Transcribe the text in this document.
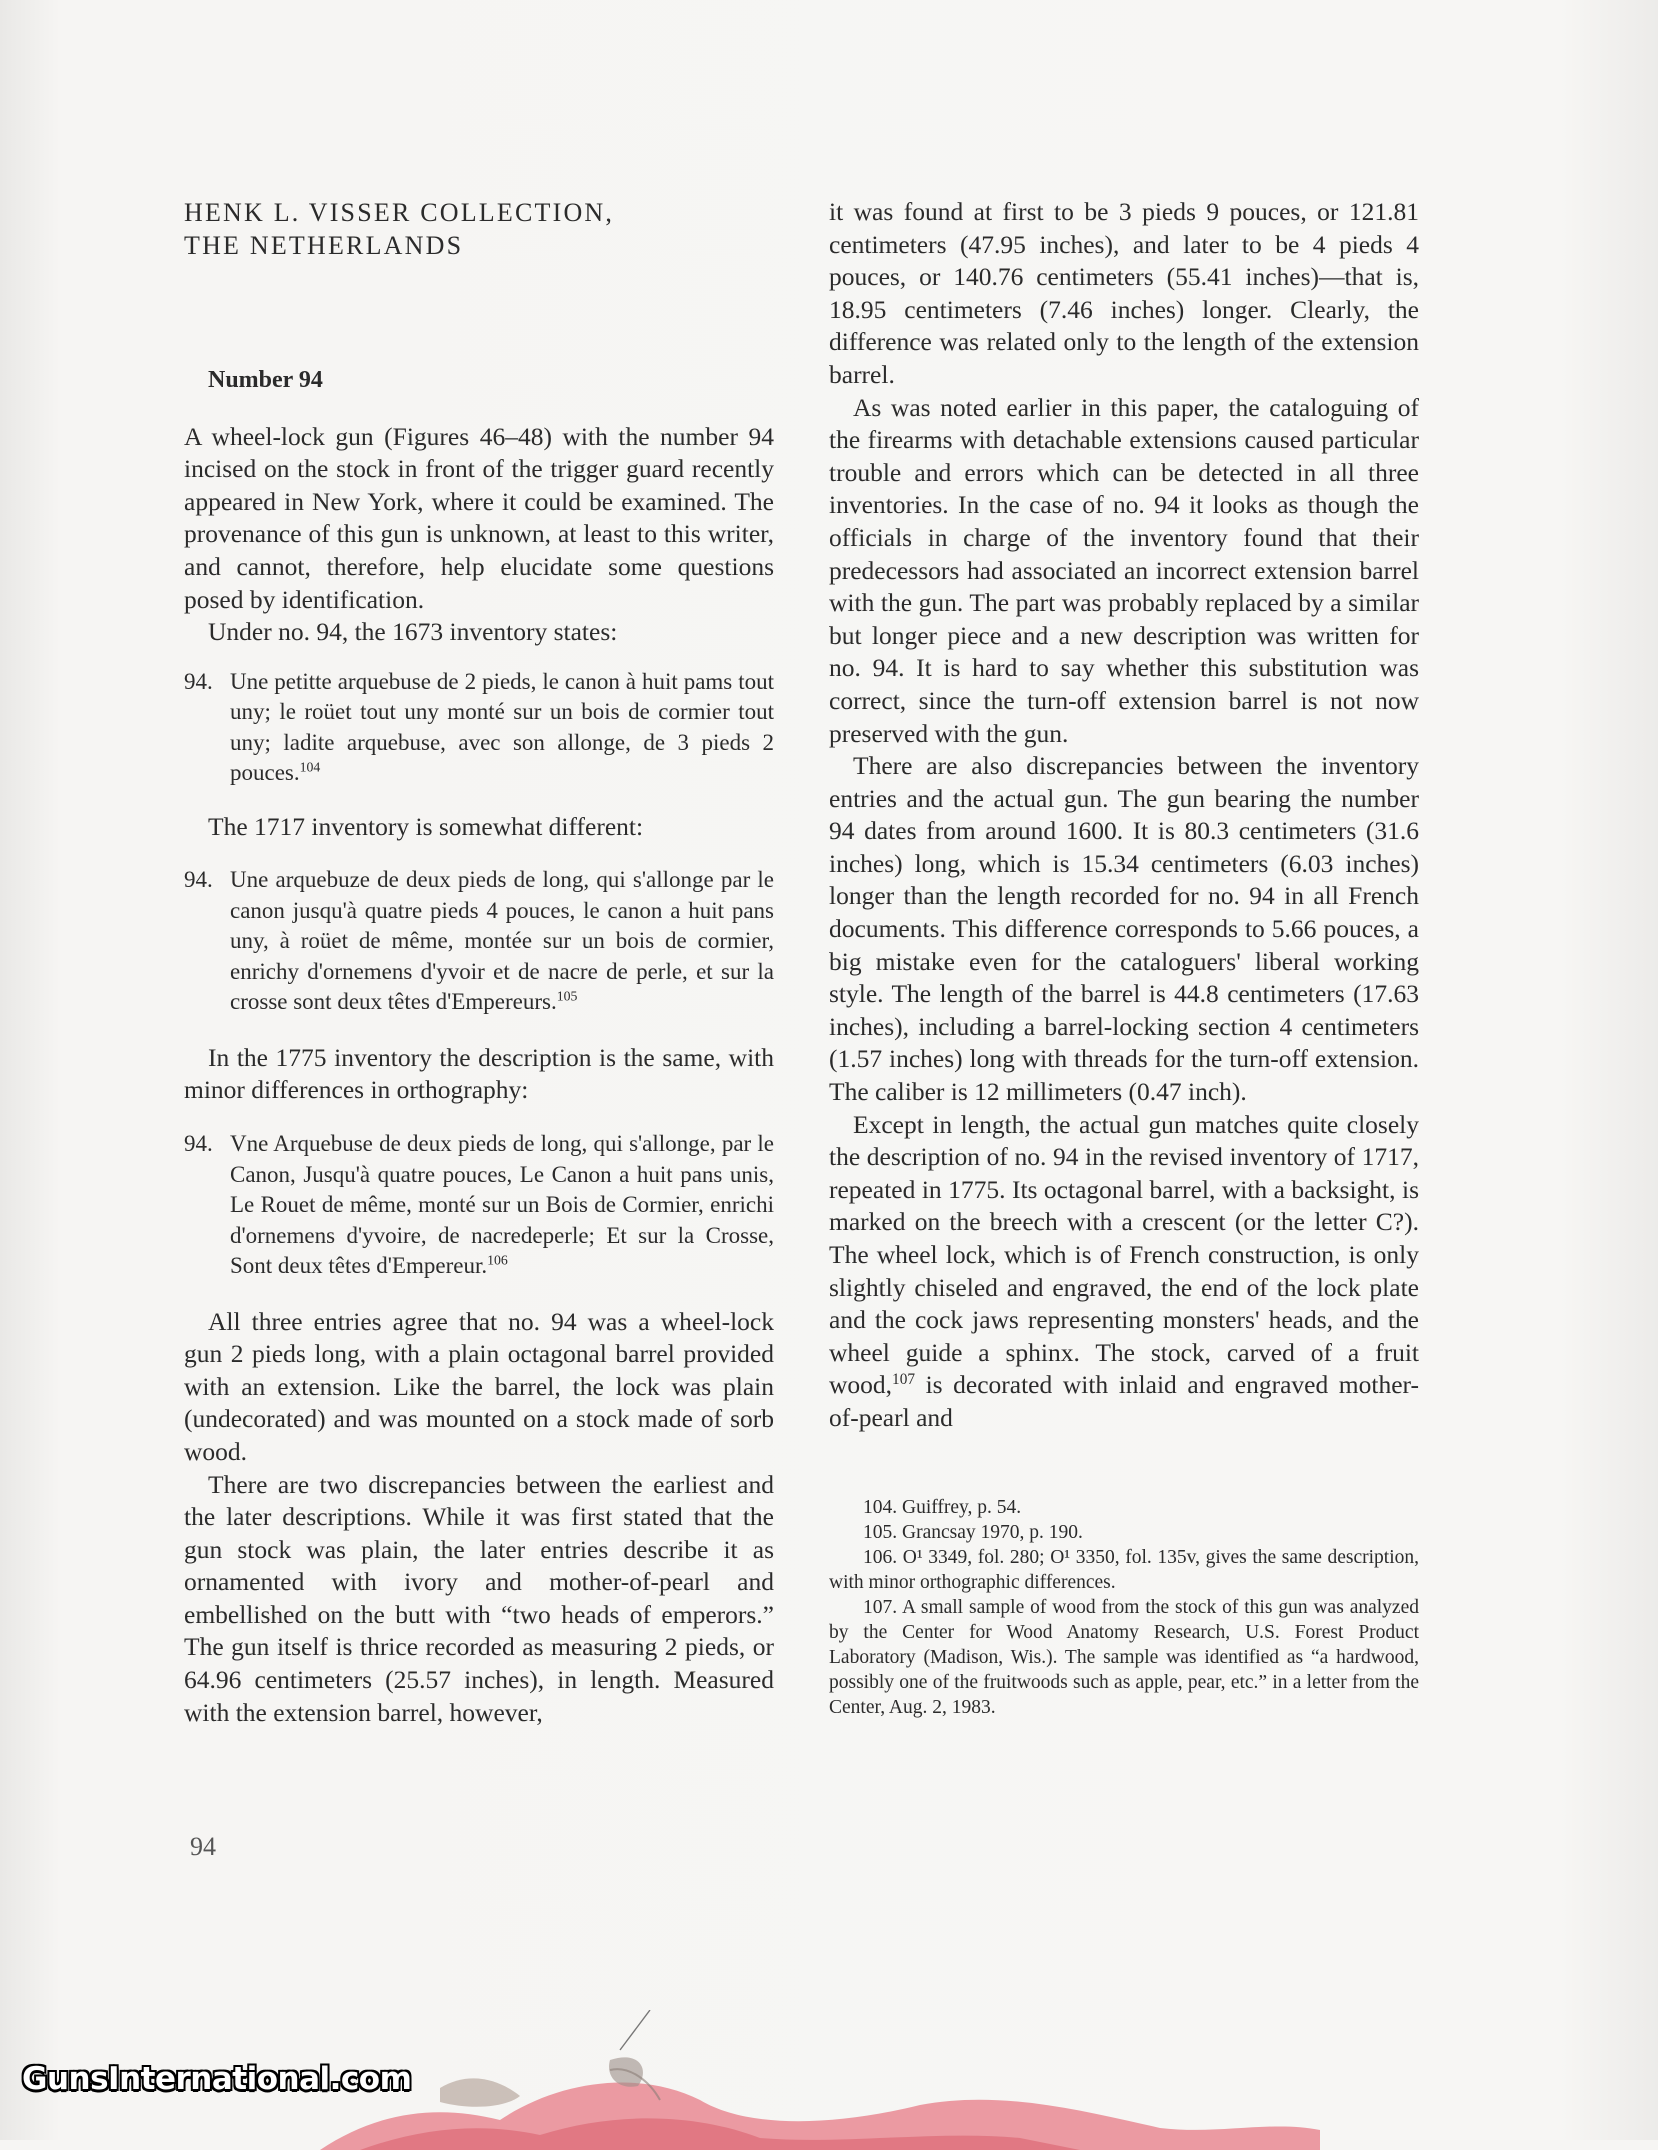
HENK L. VISSER COLLECTION,
THE NETHERLANDS

Number 94

A wheel-lock gun (Figures 46–48) with the number 94 incised on the stock in front of the trigger guard recently appeared in New York, where it could be examined. The provenance of this gun is unknown, at least to this writer, and cannot, therefore, help elucidate some questions posed by identification.

Under no. 94, the 1673 inventory states:

94. Une petitte arquebuse de 2 pieds, le canon à huit pams tout uny; le roüet tout uny monté sur un bois de cormier tout uny; ladite arquebuse, avec son allonge, de 3 pieds 2 pouces.$^{104}$

The 1717 inventory is somewhat different:

94. Une arquebuze de deux pieds de long, qui s'allonge par le canon jusqu'à quatre pieds 4 pouces, le canon a huit pans uny, à roüet de même, montée sur un bois de cormier, enrichy d'ornemens d'yvoir et de nacre de perle, et sur la crosse sont deux têtes d'Empereurs.$^{105}$

In the 1775 inventory the description is the same, with minor differences in orthography:

94. Vne Arquebuse de deux pieds de long, qui s'allonge, par le Canon, Jusqu'à quatre pouces, Le Canon a huit pans unis, Le Rouet de même, monté sur un Bois de Cormier, enrichi d'ornemens d'yvoire, de nacredeperle; Et sur la Crosse, Sont deux têtes d'Empereur.$^{106}$

All three entries agree that no. 94 was a wheel-lock gun 2 pieds long, with a plain octagonal barrel provided with an extension. Like the barrel, the lock was plain (undecorated) and was mounted on a stock made of sorb wood.

There are two discrepancies between the earliest and the later descriptions. While it was first stated that the gun stock was plain, the later entries describe it as ornamented with ivory and mother-of-pearl and embellished on the butt with “two heads of emperors.” The gun itself is thrice recorded as measuring 2 pieds, or 64.96 centimeters (25.57 inches), in length. Measured with the extension barrel, however,

it was found at first to be 3 pieds 9 pouces, or 121.81 centimeters (47.95 inches), and later to be 4 pieds 4 pouces, or 140.76 centimeters (55.41 inches)—that is, 18.95 centimeters (7.46 inches) longer. Clearly, the difference was related only to the length of the extension barrel.

As was noted earlier in this paper, the cataloguing of the firearms with detachable extensions caused particular trouble and errors which can be detected in all three inventories. In the case of no. 94 it looks as though the officials in charge of the inventory found that their predecessors had associated an incorrect extension barrel with the gun. The part was probably replaced by a similar but longer piece and a new description was written for no. 94. It is hard to say whether this substitution was correct, since the turn-off extension barrel is not now preserved with the gun.

There are also discrepancies between the inventory entries and the actual gun. The gun bearing the number 94 dates from around 1600. It is 80.3 centimeters (31.6 inches) long, which is 15.34 centimeters (6.03 inches) longer than the length recorded for no. 94 in all French documents. This difference corresponds to 5.66 pouces, a big mistake even for the cataloguers' liberal working style. The length of the barrel is 44.8 centimeters (17.63 inches), including a barrel-locking section 4 centimeters (1.57 inches) long with threads for the turn-off extension. The caliber is 12 millimeters (0.47 inch).

Except in length, the actual gun matches quite closely the description of no. 94 in the revised inventory of 1717, repeated in 1775. Its octagonal barrel, with a backsight, is marked on the breech with a crescent (or the letter C?). The wheel lock, which is of French construction, is only slightly chiseled and engraved, the end of the lock plate and the cock jaws representing monsters' heads, and the wheel guide a sphinx. The stock, carved of a fruit wood,$^{107}$ is decorated with inlaid and engraved mother-of-pearl and

104. Guiffrey, p. 54.

105. Grancsay 1970, p. 190.

106. O¹ 3349, fol. 280; O¹ 3350, fol. 135v, gives the same description, with minor orthographic differences.

107. A small sample of wood from the stock of this gun was analyzed by the Center for Wood Anatomy Research, U.S. Forest Product Laboratory (Madison, Wis.). The sample was identified as “a hardwood, possibly one of the fruitwoods such as apple, pear, etc.” in a letter from the Center, Aug. 2, 1983.

94
GunsInternational.com
